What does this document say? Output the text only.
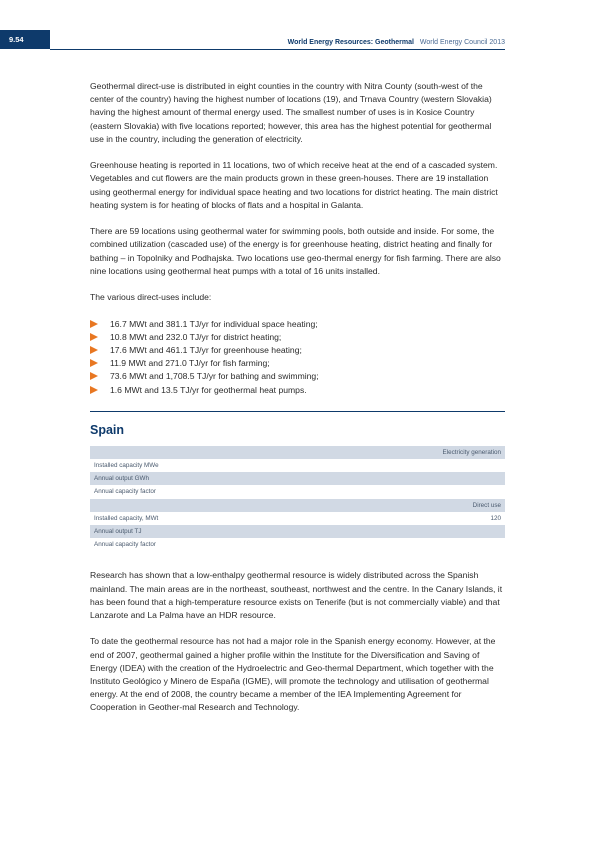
9.54	World Energy Resources: Geothermal World Energy Council 2013

Geothermal direct-use is distributed in eight counties in the country with Nitra County (south-west of the center of the country) having the highest number of locations (19), and Trnava Country (western Slovakia) having the highest amount of thermal energy used. The smallest number of uses is in Kosice Country (eastern Slovakia) with five locations reported; however, this area has the highest potential for geothermal use in the country, including the generation of electricity.

Greenhouse heating is reported in 11 locations, two of which receive heat at the end of a cascaded system. Vegetables and cut flowers are the main products grown in these green-houses. There are 19 installation using geothermal energy for individual space heating and two locations for district heating. The main district heating system is for heating of blocks of flats and a hospital in Galanta.

There are 59 locations using geothermal water for swimming pools, both outside and inside. For some, the combined utilization (cascaded use) of the energy is for greenhouse heating, district heating and finally for bathing – in Topolniky and Podhajska. Two locations use geo-thermal energy for fish farming. There are also nine locations using geothermal heat pumps with a total of 16 units installed.

The various direct-uses include:

16.7 MWt and 381.1 TJ/yr for individual space heating;
10.8 MWt and 232.0 TJ/yr for district heating;
17.6 MWt and 461.1 TJ/yr for greenhouse heating;
11.9 MWt and 271.0 TJ/yr for fish farming;
73.6 MWt and 1,708.5 TJ/yr for bathing and swimming;
1.6 MWt and 13.5 TJ/yr for geothermal heat pumps.
Spain
	Electricity generation
Installed capacity MWe	
Annual output GWh	
Annual capacity factor	
	Direct use
Installed capacity, MWt	120
Annual output TJ	
Annual capacity factor	

Research has shown that a low-enthalpy geothermal resource is widely distributed across the Spanish mainland. The main areas are in the northeast, southeast, northwest and the centre. In the Canary Islands, it has been found that a high-temperature resource exists on Tenerife (but is not commercially viable) and that Lanzarote and La Palma have an HDR resource.

To date the geothermal resource has not had a major role in the Spanish energy economy. However, at the end of 2007, geothermal gained a higher profile within the Institute for the Diversification and Saving of Energy (IDEA) with the creation of the Hydroelectric and Geo-thermal Department, which together with the Instituto Geológico y Minero de España (IGME), will promote the technology and utilisation of geothermal energy. At the end of 2008, the country became a member of the IEA Implementing Agreement for Cooperation in Geother-mal Research and Technology.
